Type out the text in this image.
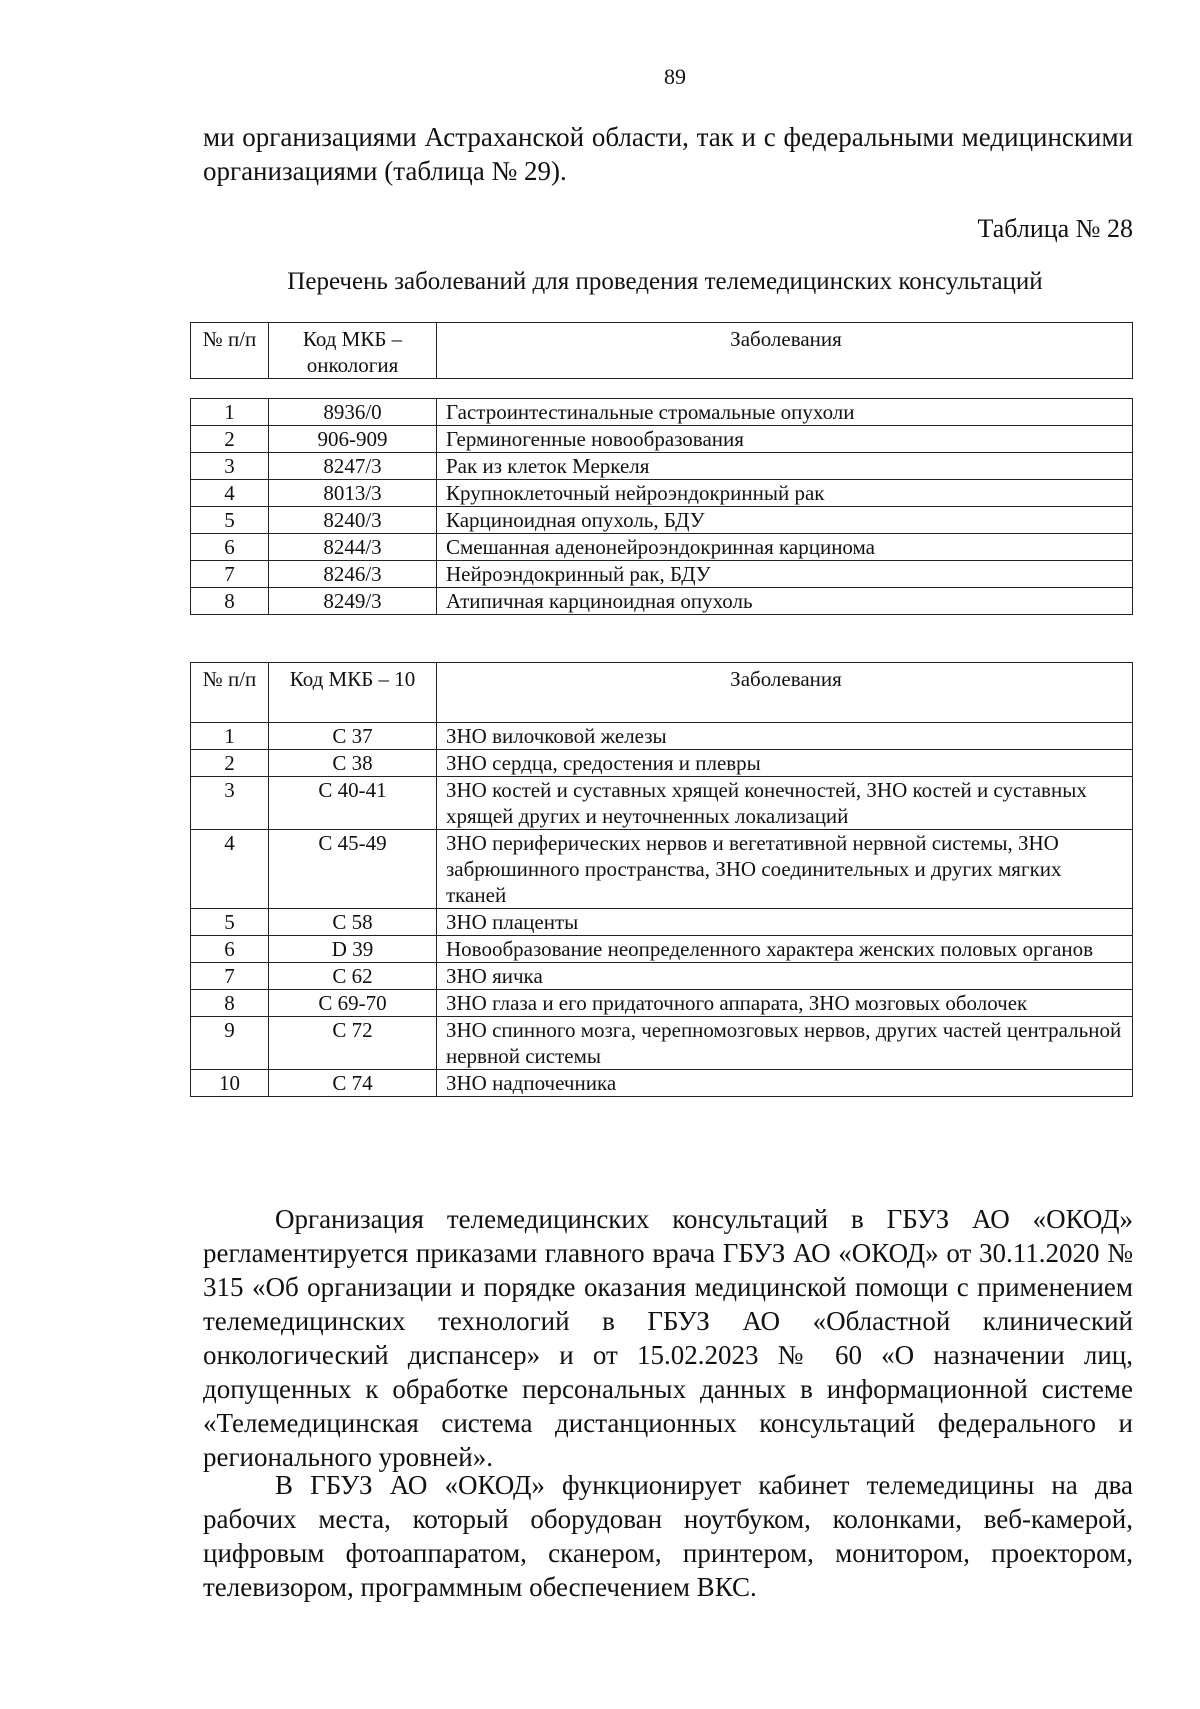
89

ми организациями Астраханской области, так и с федеральными медицинскими организациями (таблица № 29).

Таблица № 28

Перечень заболеваний для проведения телемедицинских консультаций

№ п/п	Код МКБ – онкология	Заболевания
1	8936/0	Гастроинтестинальные стромальные опухоли
2	906-909	Герминогенные новообразования
3	8247/3	Рак из клеток Меркеля
4	8013/3	Крупноклеточный нейроэндокринный рак
5	8240/3	Карциноидная опухоль, БДУ
6	8244/3	Смешанная аденонейроэндокринная карцинома
7	8246/3	Нейроэндокринный рак, БДУ
8	8249/3	Атипичная карциноидная опухоль
№ п/п	Код МКБ – 10	Заболевания
1	С 37	ЗНО вилочковой железы
2	С 38	ЗНО сердца, средостения и плевры
3	С 40-41	ЗНО костей и суставных хрящей конечностей, ЗНО костей и суставных хрящей других и неуточненных локализаций
4	С 45-49	ЗНО периферических нервов и вегетативной нервной системы, ЗНО забрюшинного пространства, ЗНО соединительных и других мягких тканей
5	С 58	ЗНО плаценты
6	D 39	Новообразование неопределенного характера женских половых органов
7	С 62	ЗНО яичка
8	С 69-70	ЗНО глаза и его придаточного аппарата, ЗНО мозговых оболочек
9	С 72	ЗНО спинного мозга, черепномозговых нервов, других частей центральной нервной системы
10	С 74	ЗНО надпочечника

Организация телемедицинских консультаций в ГБУЗ АО «ОКОД» регламентируется приказами главного врача ГБУЗ АО «ОКОД» от 30.11.2020 № 315 «Об организации и порядке оказания медицинской помощи с применением телемедицинских технологий в ГБУЗ АО «Областной клинический онкологический диспансер» и от 15.02.2023 № 60 «О назначении лиц, допущенных к обработке персональных данных в информационной системе «Телемедицинская система дистанционных консультаций федерального и регионального уровней».

В ГБУЗ АО «ОКОД» функционирует кабинет телемедицины на два рабочих места, который оборудован ноутбуком, колонками, веб-камерой, цифровым фотоаппаратом, сканером, принтером, монитором, проектором, телевизором, программным обеспечением ВКС.
